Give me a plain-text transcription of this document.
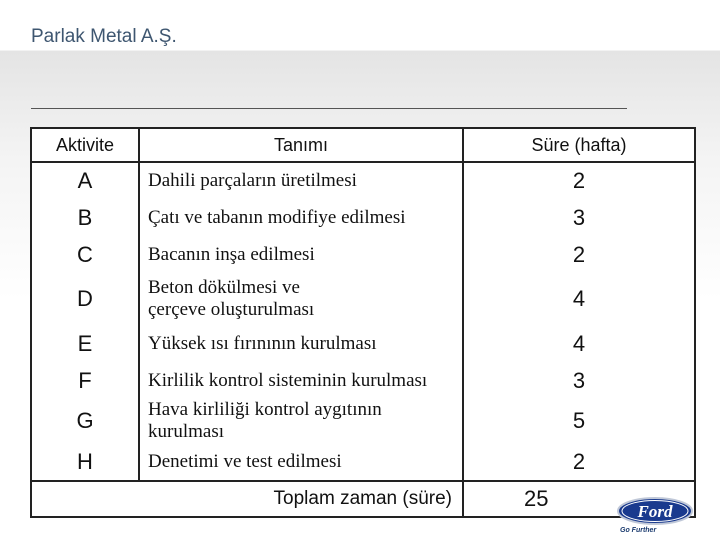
Parlak Metal A.Ş.
Aktivite	Tanımı	Süre (hafta)
A	Dahili parçaların üretilmesi	2
B	Çatı ve tabanın modifiye edilmesi	3
C	Bacanın inşa edilmesi	2
D	Beton dökülmesi ve çerçeve oluşturulması	4
E	Yüksek ısı fırınının kurulması	4
F	Kirlilik kontrol sisteminin kurulması	3
G	Hava kirliliği kontrol aygıtının kurulması	5
H	Denetimi ve test edilmesi	2
Toplam zaman (süre)		25
Ford
Go Further
